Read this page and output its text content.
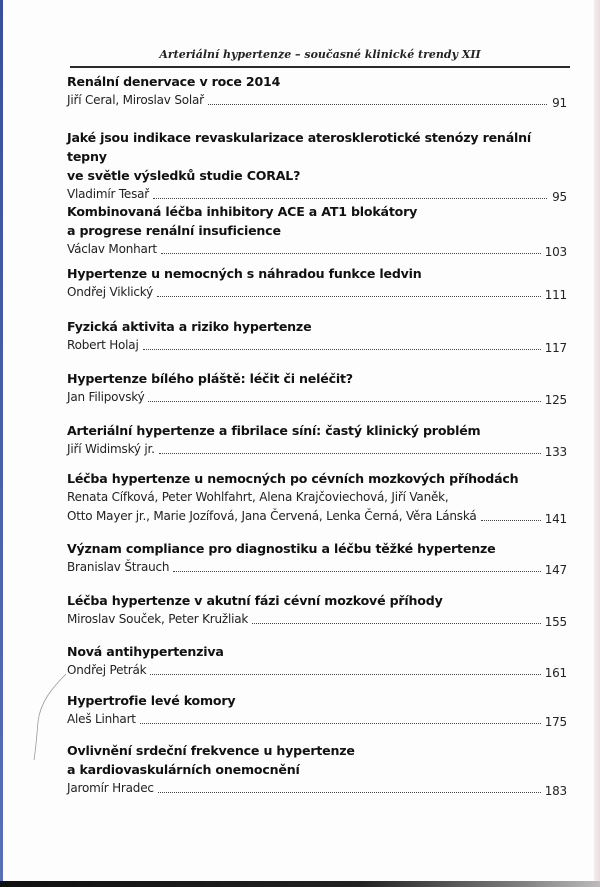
Arteriální hypertenze – současné klinické trendy XII
Renální denervace v roce 2014
Jiří Ceral, Miroslav Solař	91
Jaké jsou indikace revaskularizace aterosklerotické stenózy renální tepny
ve světle výsledků studie CORAL?
Vladimír Tesař	95
Kombinovaná léčba inhibitory ACE a AT1 blokátory
a progrese renální insuficience
Václav Monhart	103
Hypertenze u nemocných s náhradou funkce ledvin
Ondřej Viklický	111
Fyzická aktivita a riziko hypertenze
Robert Holaj	117
Hypertenze bílého pláště: léčit či neléčit?
Jan Filipovský	125
Arteriální hypertenze a fibrilace síní: častý klinický problém
Jiří Widimský jr.	133
Léčba hypertenze u nemocných po cévních mozkových příhodách
Renata Cífková, Peter Wohlfahrt, Alena Krajčoviechová, Jiří Vaněk,
Otto Mayer jr., Marie Jozífová, Jana Červená, Lenka Černá, Věra Lánská	141
Význam compliance pro diagnostiku a léčbu těžké hypertenze
Branislav Štrauch	147
Léčba hypertenze v akutní fázi cévní mozkové příhody
Miroslav Souček, Peter Kružliak	155
Nová antihypertenziva
Ondřej Petrák	161
Hypertrofie levé komory
Aleš Linhart	175
Ovlivnění srdeční frekvence u hypertenze
a kardiovaskulárních onemocnění
Jaromír Hradec	183
